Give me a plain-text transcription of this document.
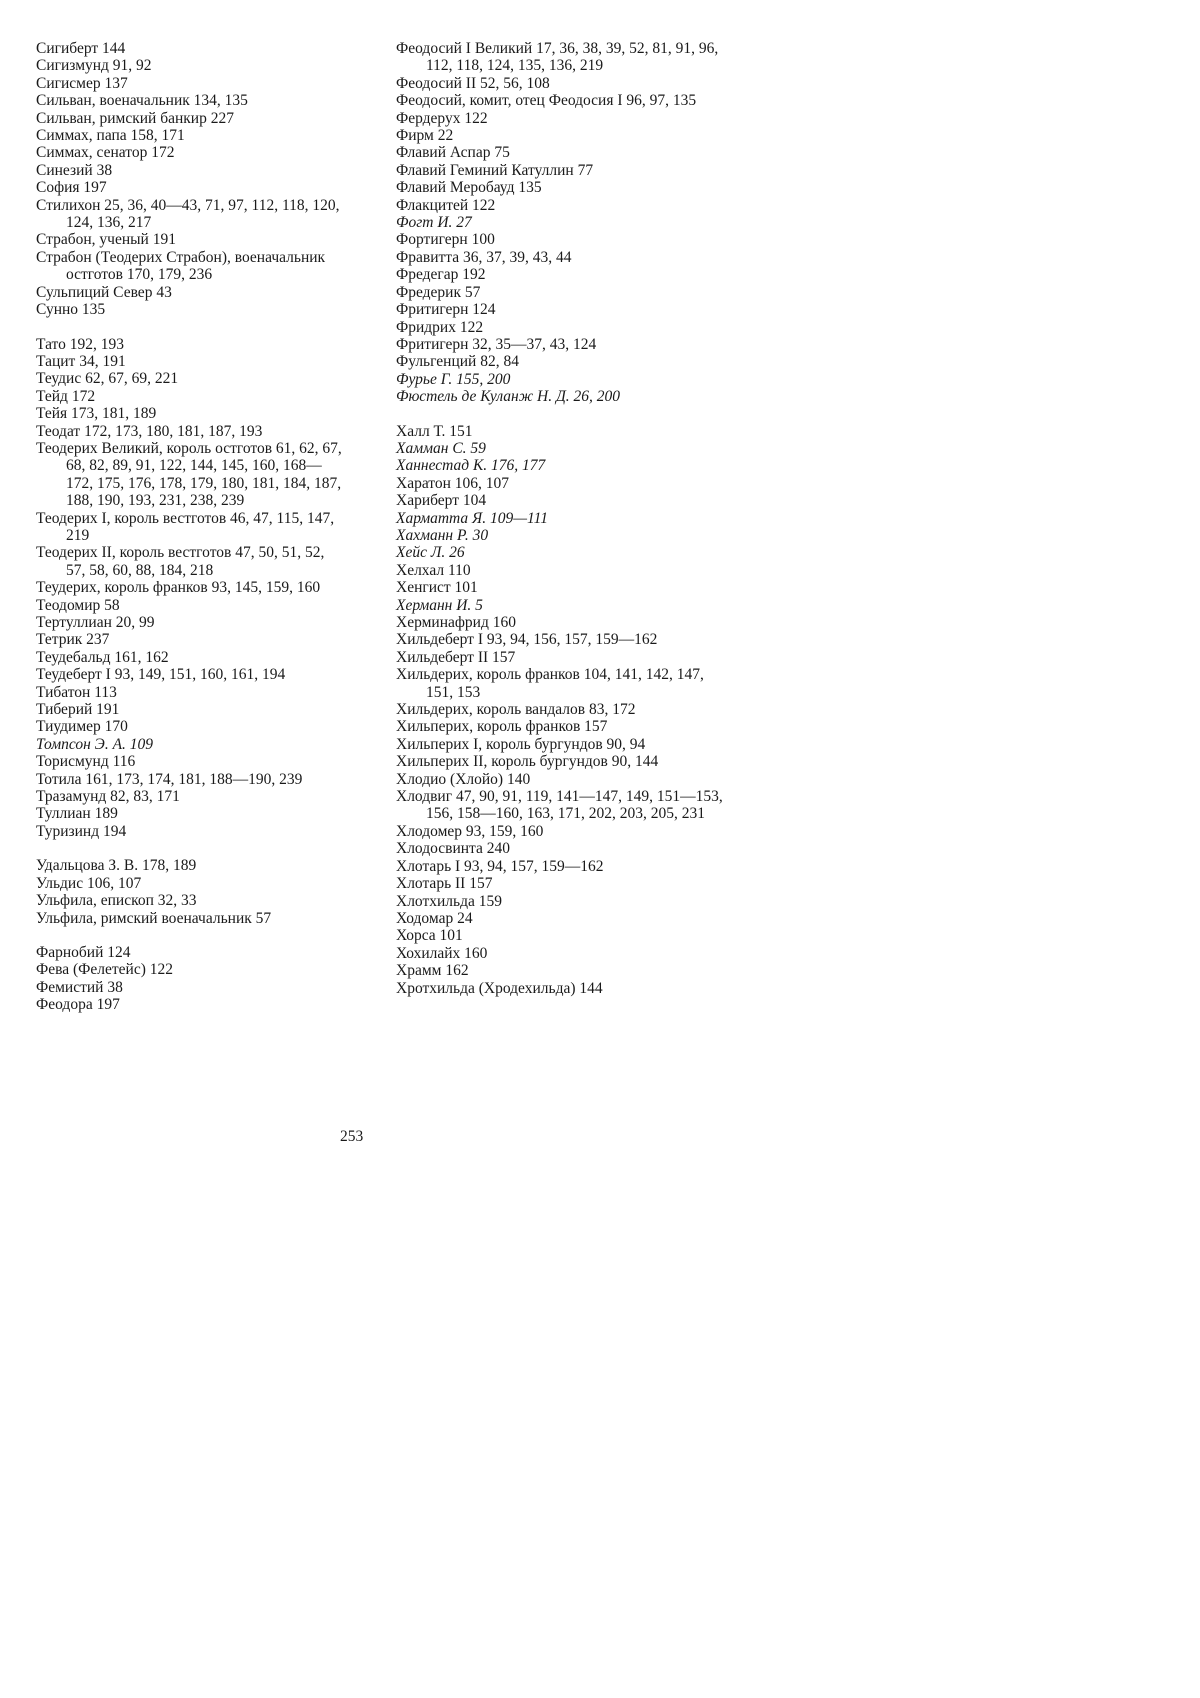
Сигиберт 144

Сигизмунд 91, 92

Сигисмер 137

Сильван, военачальник 134, 135

Сильван, римский банкир 227

Симмах, папа 158, 171

Симмах, сенатор 172

Синезий 38

София 197

Стилихон 25, 36, 40—43, 71, 97, 112, 118, 120, 124, 136, 217

Страбон, ученый 191

Страбон (Теодерих Страбон), военачальник остготов 170, 179, 236

Сульпиций Север 43

Сунно 135

Тато 192, 193

Тацит 34, 191

Теудис 62, 67, 69, 221

Тейд 172

Тейя 173, 181, 189

Теодат 172, 173, 180, 181, 187, 193

Теодерих Великий, король остготов 61, 62, 67, 68, 82, 89, 91, 122, 144, 145, 160, 168—172, 175, 176, 178, 179, 180, 181, 184, 187, 188, 190, 193, 231, 238, 239

Теодерих I, король вестготов 46, 47, 115, 147, 219

Теодерих II, король вестготов 47, 50, 51, 52, 57, 58, 60, 88, 184, 218

Теудерих, король франков 93, 145, 159, 160

Теодомир 58

Тертуллиан 20, 99

Тетрик 237

Теудебальд 161, 162

Теудеберт I 93, 149, 151, 160, 161, 194

Тибатон 113

Тиберий 191

Тиудимер 170

Томпсон Э. А. 109

Торисмунд 116

Тотила 161, 173, 174, 181, 188—190, 239

Тразамунд 82, 83, 171

Туллиан 189

Туризинд 194

Удальцова З. В. 178, 189

Ульдис 106, 107

Ульфила, епископ 32, 33

Ульфила, римский военачальник 57

Фарнобий 124

Фева (Фелетейс) 122

Фемистий 38

Феодора 197

Феодосий I Великий 17, 36, 38, 39, 52, 81, 91, 96, 112, 118, 124, 135, 136, 219

Феодосий II 52, 56, 108

Феодосий, комит, отец Феодосия I 96, 97, 135

Фердерух 122

Фирм 22

Флавий Аспар 75

Флавий Геминий Катуллин 77

Флавий Меробауд 135

Флакцитей 122

Фогт И. 27

Фортигерн 100

Фравитта 36, 37, 39, 43, 44

Фредегар 192

Фредерик 57

Фритигерн 124

Фридрих 122

Фритигерн 32, 35—37, 43, 124

Фульгенций 82, 84

Фурье Г. 155, 200

Фюстель де Куланж Н. Д. 26, 200

Халл Т. 151

Хамман С. 59

Ханнестад К. 176, 177

Харатон 106, 107

Хариберт 104

Харматта Я. 109—111

Хахманн Р. 30

Хейс Л. 26

Хелхал 110

Хенгист 101

Херманн И. 5

Херминафрид 160

Хильдеберт I 93, 94, 156, 157, 159—162

Хильдеберт II 157

Хильдерих, король франков 104, 141, 142, 147, 151, 153

Хильдерих, король вандалов 83, 172

Хильперих, король франков 157

Хильперих I, король бургундов 90, 94

Хильперих II, король бургундов 90, 144

Хлодио (Хлойо) 140

Хлодвиг 47, 90, 91, 119, 141—147, 149, 151—153, 156, 158—160, 163, 171, 202, 203, 205, 231

Хлодомер 93, 159, 160

Хлодосвинта 240

Хлотарь I 93, 94, 157, 159—162

Хлотарь II 157

Хлотхильда 159

Ходомар 24

Хорса 101

Хохилайх 160

Храмм 162

Хротхильда (Хродехильда) 144

253
